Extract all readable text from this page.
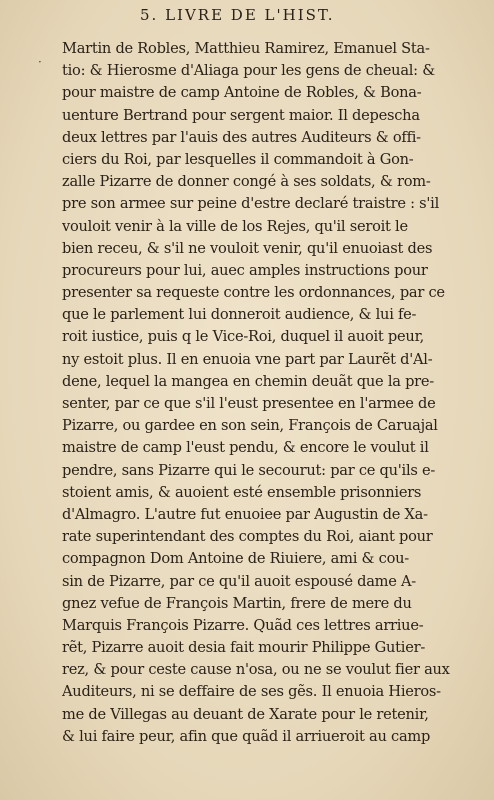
5. LIVRE DE L'HIST.
·
Martin de Robles, Matthieu Ramirez, Emanuel Sta-
tio: & Hierosme d'Aliaga pour les gens de cheual: &
pour maistre de camp Antoine de Robles, & Bona-
uenture Bertrand pour sergent maior. Il depescha
deux lettres par l'auis des autres Auditeurs & offi-
ciers du Roi, par lesquelles il commandoit à Gon-
zalle Pizarre de donner congé à ses soldats, & rom-
pre son armee sur peine d'estre declaré traistre : s'il
vouloit venir à la ville de los Rejes, qu'il seroit le
bien receu, & s'il ne vouloit venir, qu'il enuoiast des
procureurs pour lui, auec amples instructions pour
presenter sa requeste contre les ordonnances, par ce
que le parlement lui donneroit audience, & lui fe-
roit iustice, puis q le Vice-Roi, duquel il auoit peur,
ny estoit plus. Il en enuoia vne part par Laurẽt d'Al-
dene, lequel la mangea en chemin deuãt que la pre-
senter, par ce que s'il l'eust presentee en l'armee de
Pizarre, ou gardee en son sein, François de Caruajal
maistre de camp l'eust pendu, & encore le voulut il
pendre, sans Pizarre qui le secourut: par ce qu'ils e-
stoient amis, & auoient esté ensemble prisonniers
d'Almagro. L'autre fut enuoiee par Augustin de Xa-
rate superintendant des comptes du Roi, aiant pour
compagnon Dom Antoine de Riuiere, ami & cou-
sin de Pizarre, par ce qu'il auoit espousé dame A-
gnez vefue de François Martin, frere de mere du
Marquis François Pizarre. Quãd ces lettres arriue-
rẽt, Pizarre auoit desia fait mourir Philippe Gutier-
rez, & pour ceste cause n'osa, ou ne se voulut fier aux
Auditeurs, ni se deffaire de ses gẽs. Il enuoia Hieros-
me de Villegas au deuant de Xarate pour le retenir,
& lui faire peur, afin que quãd il arriueroit au camp
